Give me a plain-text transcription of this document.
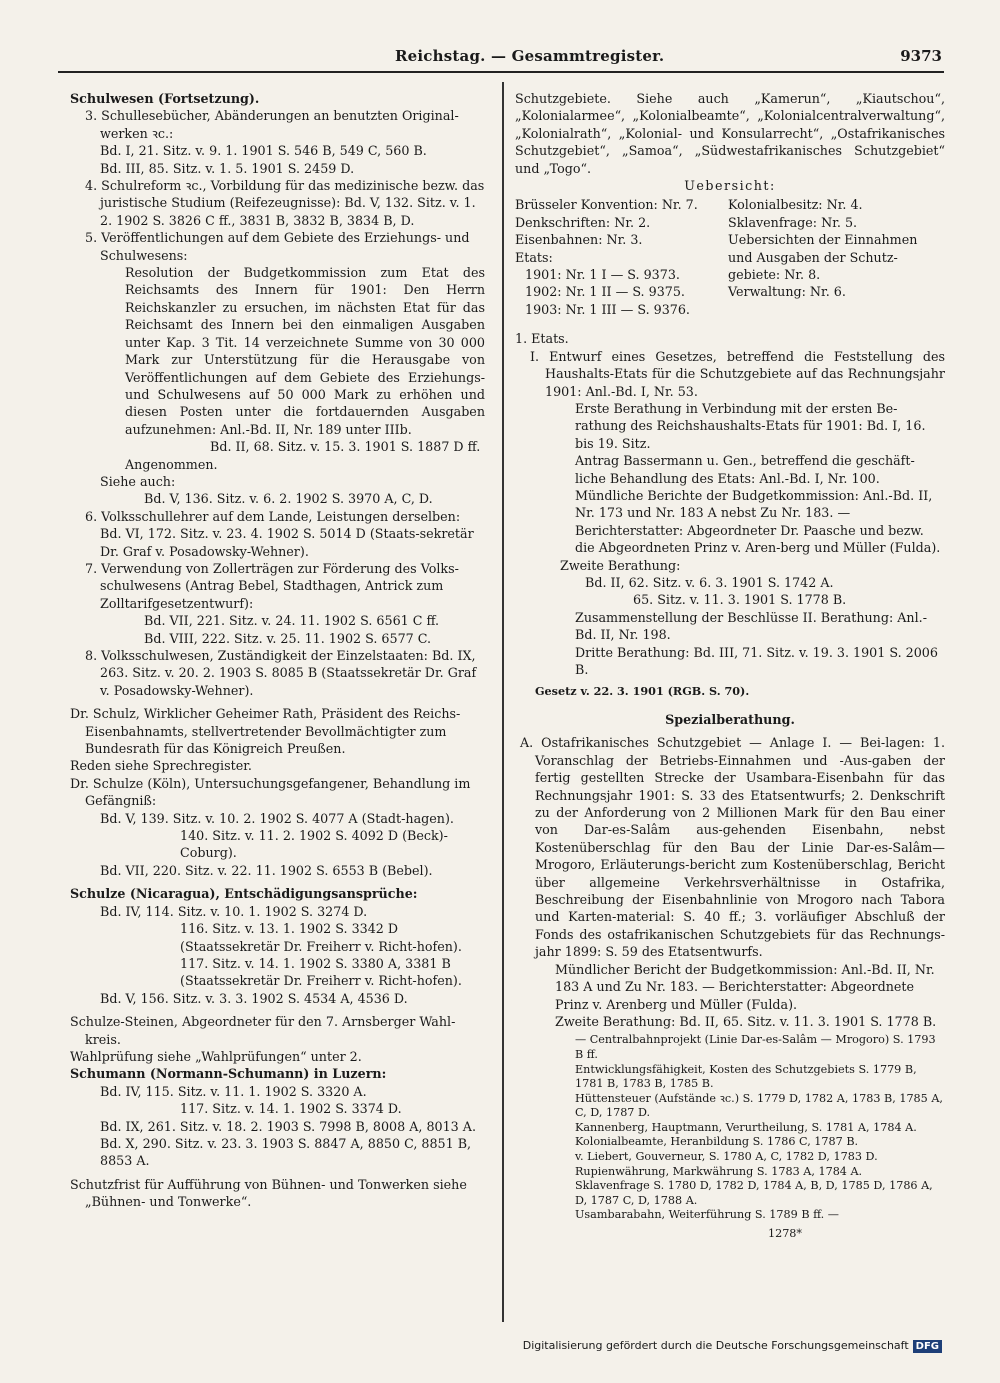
Reichstag. — Gesammtregister.	9373

Schulwesen (Fortsetzung).

3. Schullesebücher, Abänderungen an benutzten Original-werken ꝛc.:

Bd. I, 21. Sitz. v. 9. 1. 1901 S. 546 B, 549 C, 560 B.

Bd. III, 85. Sitz. v. 1. 5. 1901 S. 2459 D.

4. Schulreform ꝛc., Vorbildung für das medizinische bezw. das juristische Studium (Reifezeugnisse): Bd. V, 132. Sitz. v. 1. 2. 1902 S. 3826 C ff., 3831 B, 3832 B, 3834 B, D.

5. Veröffentlichungen auf dem Gebiete des Erziehungs- und Schulwesens:

Resolution der Budgetkommission zum Etat des Reichsamts des Innern für 1901: Den Herrn Reichskanzler zu ersuchen, im nächsten Etat für das Reichsamt des Innern bei den einmaligen Ausgaben unter Kap. 3 Tit. 14 verzeichnete Summe von 30 000 Mark zur Unterstützung für die Herausgabe von Veröffentlichungen auf dem Gebiete des Erziehungs- und Schulwesens auf 50 000 Mark zu erhöhen und diesen Posten unter die fortdauernden Ausgaben aufzunehmen: Anl.-Bd. II, Nr. 189 unter IIIb.

Bd. II, 68. Sitz. v. 15. 3. 1901 S. 1887 D ff.

Angenommen.

Siehe auch:

Bd. V, 136. Sitz. v. 6. 2. 1902 S. 3970 A, C, D.

6. Volksschullehrer auf dem Lande, Leistungen derselben: Bd. VI, 172. Sitz. v. 23. 4. 1902 S. 5014 D (Staats-sekretär Dr. Graf v. Posadowsky-Wehner).

7. Verwendung von Zollerträgen zur Förderung des Volks-schulwesens (Antrag Bebel, Stadthagen, Antrick zum Zolltarifgesetzentwurf):

Bd. VII, 221. Sitz. v. 24. 11. 1902 S. 6561 C ff.

Bd. VIII, 222. Sitz. v. 25. 11. 1902 S. 6577 C.

8. Volksschulwesen, Zuständigkeit der Einzelstaaten: Bd. IX, 263. Sitz. v. 20. 2. 1903 S. 8085 B (Staatssekretär Dr. Graf v. Posadowsky-Wehner).

Dr. Schulz, Wirklicher Geheimer Rath, Präsident des Reichs-Eisenbahnamts, stellvertretender Bevollmächtigter zum Bundesrath für das Königreich Preußen.

Reden siehe Sprechregister.

Dr. Schulze (Köln), Untersuchungsgefangener, Behandlung im Gefängniß:

Bd. V, 139. Sitz. v. 10. 2. 1902 S. 4077 A (Stadt-hagen).

140. Sitz. v. 11. 2. 1902 S. 4092 D (Beck)-Coburg).

Bd. VII, 220. Sitz. v. 22. 11. 1902 S. 6553 B (Bebel).

Schulze (Nicaragua), Entschädigungsansprüche:

Bd. IV, 114. Sitz. v. 10. 1. 1902 S. 3274 D.

116. Sitz. v. 13. 1. 1902 S. 3342 D (Staatssekretär Dr. Freiherr v. Richt-hofen).

117. Sitz. v. 14. 1. 1902 S. 3380 A, 3381 B (Staatssekretär Dr. Freiherr v. Richt-hofen).

Bd. V, 156. Sitz. v. 3. 3. 1902 S. 4534 A, 4536 D.

Schulze-Steinen, Abgeordneter für den 7. Arnsberger Wahl-kreis.

Wahlprüfung siehe „Wahlprüfungen“ unter 2.

Schumann (Normann-Schumann) in Luzern:

Bd. IV, 115. Sitz. v. 11. 1. 1902 S. 3320 A.

117. Sitz. v. 14. 1. 1902 S. 3374 D.

Bd. IX, 261. Sitz. v. 18. 2. 1903 S. 7998 B, 8008 A, 8013 A.

Bd. X, 290. Sitz. v. 23. 3. 1903 S. 8847 A, 8850 C, 8851 B, 8853 A.

Schutzfrist für Aufführung von Bühnen- und Tonwerken siehe „Bühnen- und Tonwerke“.

Schutzgebiete. Siehe auch „Kamerun“, „Kiautschou“, „Kolonialarmee“, „Kolonialbeamte“, „Kolonialcentralverwaltung“, „Kolonialrath“, „Kolonial- und Konsularrecht“, „Ostafrikanisches Schutzgebiet“, „Samoa“, „Südwestafrikanisches Schutzgebiet“ und „Togo“.

Uebersicht:

Brüsseler Konvention: Nr. 7.	Kolonialbesitz: Nr. 4.
Denkschriften: Nr. 2.	Sklavenfrage: Nr. 5.
Eisenbahnen: Nr. 3.	Uebersichten der Einnahmen und Ausgaben der Schutz-gebiete: Nr. 8.
Etats:
1901: Nr. 1 I — S. 9373.
1902: Nr. 1 II — S. 9375.	Verwaltung: Nr. 6.
1903: Nr. 1 III — S. 9376.

1. Etats.

I. Entwurf eines Gesetzes, betreffend die Feststellung des Haushalts-Etats für die Schutzgebiete auf das Rechnungsjahr 1901: Anl.-Bd. I, Nr. 53.

Erste Berathung in Verbindung mit der ersten Be-rathung des Reichshaushalts-Etats für 1901: Bd. I, 16. bis 19. Sitz.

Antrag Bassermann u. Gen., betreffend die geschäft-liche Behandlung des Etats: Anl.-Bd. I, Nr. 100.

Mündliche Berichte der Budgetkommission: Anl.-Bd. II, Nr. 173 und Nr. 183 A nebst Zu Nr. 183. — Berichterstatter: Abgeordneter Dr. Paasche und bezw. die Abgeordneten Prinz v. Aren-berg und Müller (Fulda).

Zweite Berathung:

Bd. II, 62. Sitz. v. 6. 3. 1901 S. 1742 A.

65. Sitz. v. 11. 3. 1901 S. 1778 B.

Zusammenstellung der Beschlüsse II. Berathung: Anl.-Bd. II, Nr. 198.

Dritte Berathung: Bd. III, 71. Sitz. v. 19. 3. 1901 S. 2006 B.

Gesetz v. 22. 3. 1901 (RGB. S. 70).

Spezialberathung.

A. Ostafrikanisches Schutzgebiet — Anlage I. — Bei-lagen: 1. Voranschlag der Betriebs-Einnahmen und -Aus-gaben der fertig gestellten Strecke der Usambara-Eisenbahn für das Rechnungsjahr 1901: S. 33 des Etatsentwurfs; 2. Denkschrift zu der Anforderung von 2 Millionen Mark für den Bau einer von Dar-es-Salâm aus-gehenden Eisenbahn, nebst Kostenüberschlag für den Bau der Linie Dar-es-Salâm—Mrogoro, Erläuterungs-bericht zum Kostenüberschlag, Bericht über allgemeine Verkehrsverhältnisse in Ostafrika, Beschreibung der Eisenbahnlinie von Mrogoro nach Tabora und Karten-material: S. 40 ff.; 3. vorläufiger Abschluß der Fonds des ostafrikanischen Schutzgebiets für das Rechnungs-jahr 1899: S. 59 des Etatsentwurfs.

Mündlicher Bericht der Budgetkommission: Anl.-Bd. II, Nr. 183 A und Zu Nr. 183. — Berichterstatter: Abgeordnete Prinz v. Arenberg und Müller (Fulda).

Zweite Berathung: Bd. II, 65. Sitz. v. 11. 3. 1901 S. 1778 B.

— Centralbahnprojekt (Linie Dar-es-Salâm — Mrogoro) S. 1793 B ff.

Entwicklungsfähigkeit, Kosten des Schutzgebiets S. 1779 B, 1781 B, 1783 B, 1785 B.

Hüttensteuer (Aufstände ꝛc.) S. 1779 D, 1782 A, 1783 B, 1785 A, C, D, 1787 D.

Kannenberg, Hauptmann, Verurtheilung, S. 1781 A, 1784 A.

Kolonialbeamte, Heranbildung S. 1786 C, 1787 B.

v. Liebert, Gouverneur, S. 1780 A, C, 1782 D, 1783 D.

Rupienwährung, Markwährung S. 1783 A, 1784 A.

Sklavenfrage S. 1780 D, 1782 D, 1784 A, B, D, 1785 D, 1786 A, D, 1787 C, D, 1788 A.

Usambarabahn, Weiterführung S. 1789 B ff. —

1278*

Digitalisierung gefördert durch die Deutsche Forschungsgemeinschaft DFG
